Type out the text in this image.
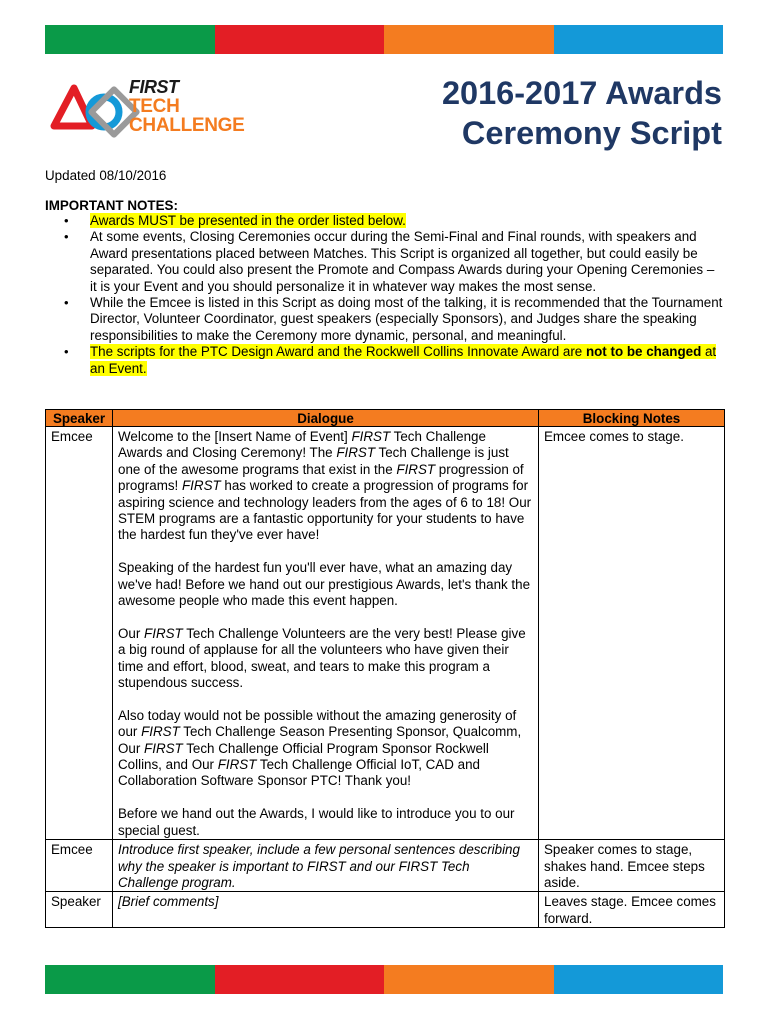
FIRST
TECH
CHALLENGE
2016-2017 Awards
Ceremony Script
Updated 08/10/2016
IMPORTANT NOTES:
• Awards MUST be presented in the order listed below.
• At some events, Closing Ceremonies occur during the Semi-Final and Final rounds, with speakers and Award presentations placed between Matches. This Script is organized all together, but could easily be separated. You could also present the Promote and Compass Awards during your Opening Ceremonies – it is your Event and you should personalize it in whatever way makes the most sense.
• While the Emcee is listed in this Script as doing most of the talking, it is recommended that the Tournament Director, Volunteer Coordinator, guest speakers (especially Sponsors), and Judges share the speaking responsibilities to make the Ceremony more dynamic, personal, and meaningful.
• The scripts for the PTC Design Award and the Rockwell Collins Innovate Award are not to be changed at an Event.
Speaker	Dialogue	Blocking Notes
Emcee	Welcome to the [Insert Name of Event] FIRST Tech Challenge Awards and Closing Ceremony! The FIRST Tech Challenge is just one of the awesome programs that exist in the FIRST progression of programs! FIRST has worked to create a progression of programs for aspiring science and technology leaders from the ages of 6 to 18! Our STEM programs are a fantastic opportunity for your students to have the hardest fun they've ever have!

Speaking of the hardest fun you'll ever have, what an amazing day we've had! Before we hand out our prestigious Awards, let's thank the awesome people who made this event happen.

Our FIRST Tech Challenge Volunteers are the very best! Please give a big round of applause for all the volunteers who have given their time and effort, blood, sweat, and tears to make this program a stupendous success.

Also today would not be possible without the amazing generosity of our FIRST Tech Challenge Season Presenting Sponsor, Qualcomm, Our FIRST Tech Challenge Official Program Sponsor Rockwell Collins, and Our FIRST Tech Challenge Official IoT, CAD and Collaboration Software Sponsor PTC! Thank you!

Before we hand out the Awards, I would like to introduce you to our special guest.	Emcee comes to stage.
Emcee	Introduce first speaker, include a few personal sentences describing why the speaker is important to FIRST and our FIRST Tech Challenge program.	Speaker comes to stage, shakes hand. Emcee steps aside.
Speaker	[Brief comments]	Leaves stage. Emcee comes forward.
